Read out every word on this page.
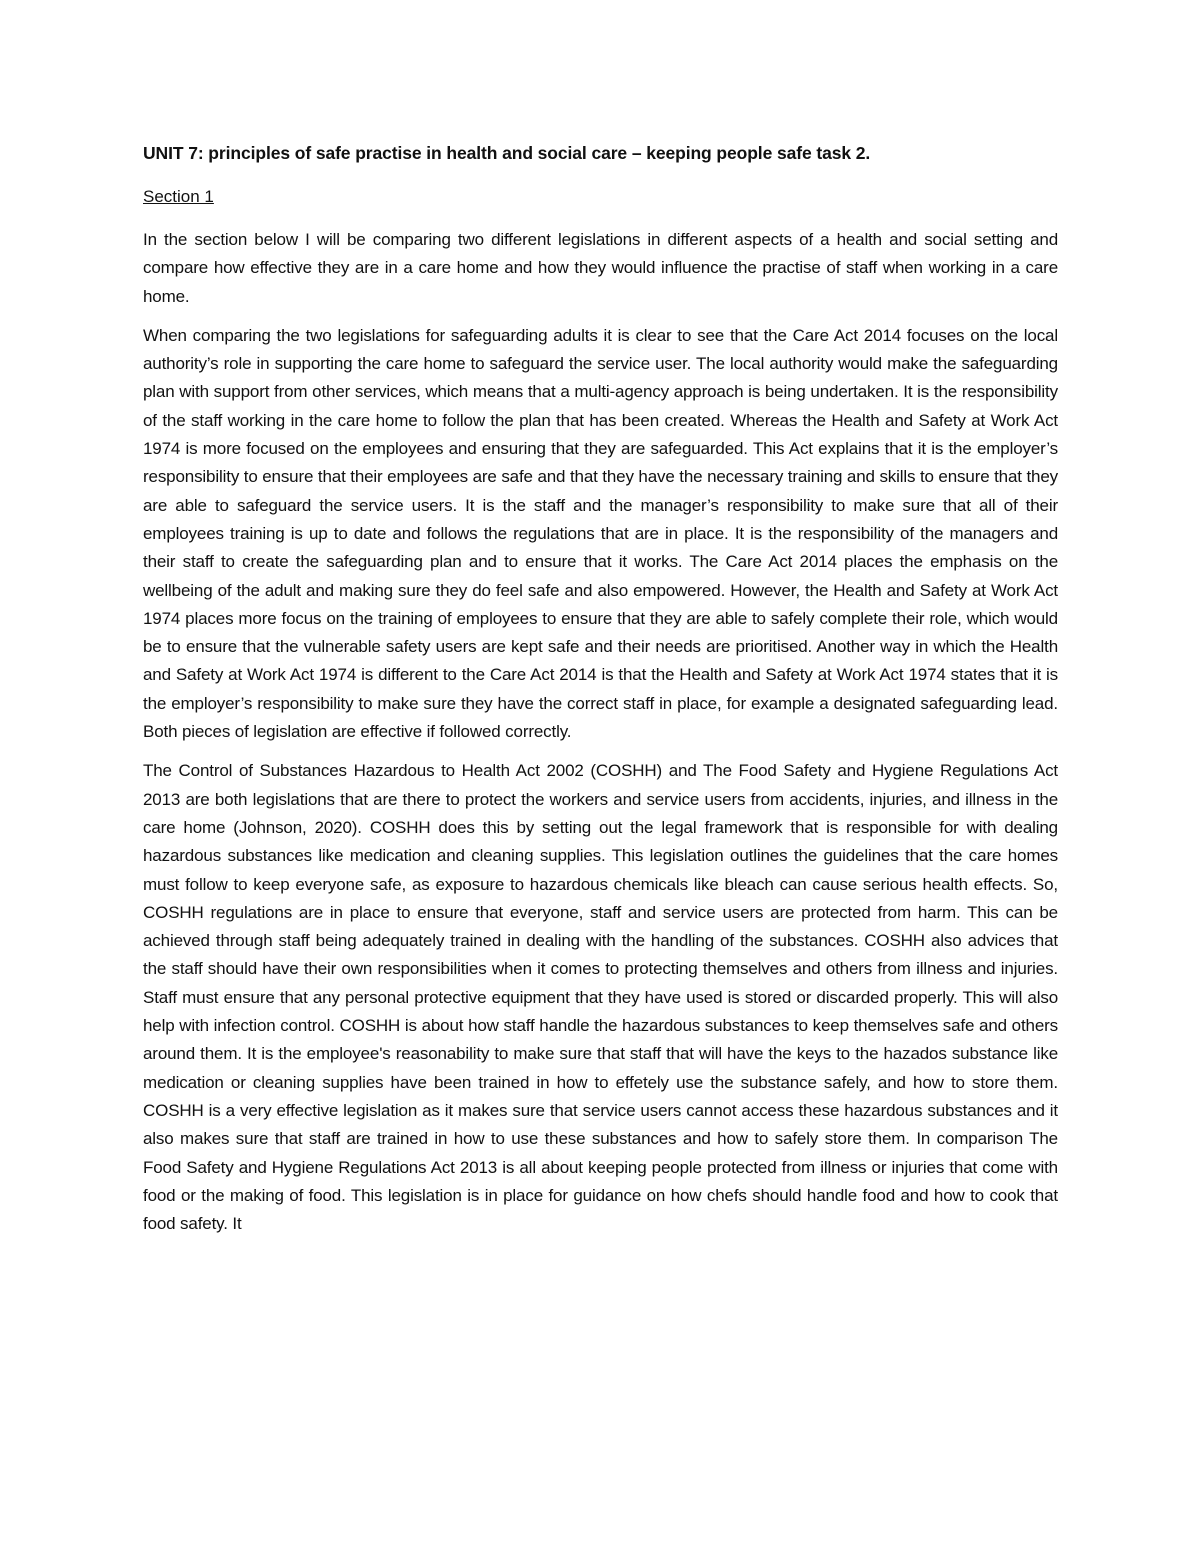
UNIT 7: principles of safe practise in health and social care – keeping people safe task 2.
Section 1

In the section below I will be comparing two different legislations in different aspects of a health and social setting and compare how effective they are in a care home and how they would influence the practise of staff when working in a care home.

When comparing the two legislations for safeguarding adults it is clear to see that the Care Act 2014 focuses on the local authority’s role in supporting the care home to safeguard the service user. The local authority would make the safeguarding plan with support from other services, which means that a multi-agency approach is being undertaken. It is the responsibility of the staff working in the care home to follow the plan that has been created. Whereas the Health and Safety at Work Act 1974 is more focused on the employees and ensuring that they are safeguarded. This Act explains that it is the employer’s responsibility to ensure that their employees are safe and that they have the necessary training and skills to ensure that they are able to safeguard the service users. It is the staff and the manager’s responsibility to make sure that all of their employees training is up to date and follows the regulations that are in place. It is the responsibility of the managers and their staff to create the safeguarding plan and to ensure that it works. The Care Act 2014 places the emphasis on the wellbeing of the adult and making sure they do feel safe and also empowered. However, the Health and Safety at Work Act 1974 places more focus on the training of employees to ensure that they are able to safely complete their role, which would be to ensure that the vulnerable safety users are kept safe and their needs are prioritised. Another way in which the Health and Safety at Work Act 1974 is different to the Care Act 2014 is that the Health and Safety at Work Act 1974 states that it is the employer’s responsibility to make sure they have the correct staff in place, for example a designated safeguarding lead. Both pieces of legislation are effective if followed correctly.

The Control of Substances Hazardous to Health Act 2002 (COSHH) and The Food Safety and Hygiene Regulations Act 2013 are both legislations that are there to protect the workers and service users from accidents, injuries, and illness in the care home (Johnson, 2020). COSHH does this by setting out the legal framework that is responsible for with dealing hazardous substances like medication and cleaning supplies. This legislation outlines the guidelines that the care homes must follow to keep everyone safe, as exposure to hazardous chemicals like bleach can cause serious health effects. So, COSHH regulations are in place to ensure that everyone, staff and service users are protected from harm. This can be achieved through staff being adequately trained in dealing with the handling of the substances. COSHH also advices that the staff should have their own responsibilities when it comes to protecting themselves and others from illness and injuries. Staff must ensure that any personal protective equipment that they have used is stored or discarded properly. This will also help with infection control. COSHH is about how staff handle the hazardous substances to keep themselves safe and others around them. It is the employee's reasonability to make sure that staff that will have the keys to the hazados substance like medication or cleaning supplies have been trained in how to effetely use the substance safely, and how to store them. COSHH is a very effective legislation as it makes sure that service users cannot access these hazardous substances and it also makes sure that staff are trained in how to use these substances and how to safely store them. In comparison The Food Safety and Hygiene Regulations Act 2013 is all about keeping people protected from illness or injuries that come with food or the making of food. This legislation is in place for guidance on how chefs should handle food and how to cook that food safety. It
